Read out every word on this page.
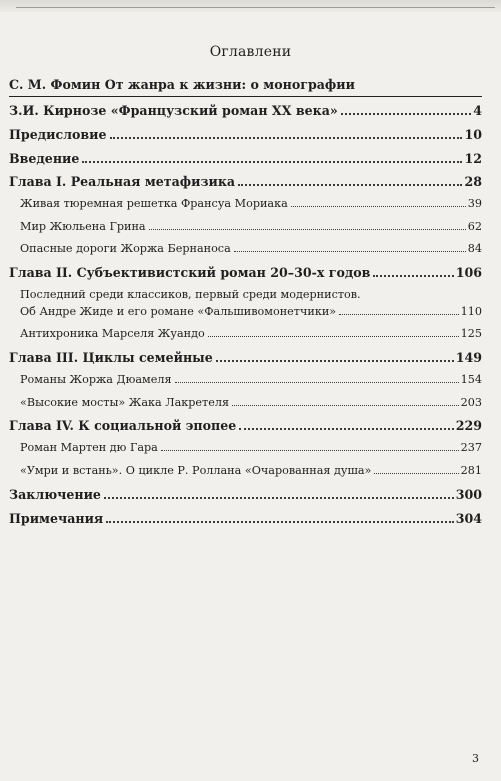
Оглавлени
С. М. Фомин От жанра к жизни: о монографии
З.И. Кирнозе «Французский роман XX века»	4
Предисловие	10
Введение	12
Глава I. Реальная метафизика	28
Живая тюремная решетка Франсуа Мориака	39
Мир Жюльена Грина	62
Опасные дороги Жоржа Бернаноса	84
Глава II. Субъективистский роман 20–30-х годов	106
Последний среди классиков, первый среди модернистов.
Об Андре Жиде и его романе «Фальшивомонетчики»	110
Антихроника Марселя Жуандо	125
Глава III. Циклы семейные	149
Романы Жоржа Дюамеля	154
«Высокие мосты» Жака Лакретеля	203
Глава IV. К социальной эпопее	229
Роман Мартен дю Гара	237
«Умри и встань». О цикле Р. Роллана «Очарованная душа»	281
Заключение	300
Примечания	304
3
